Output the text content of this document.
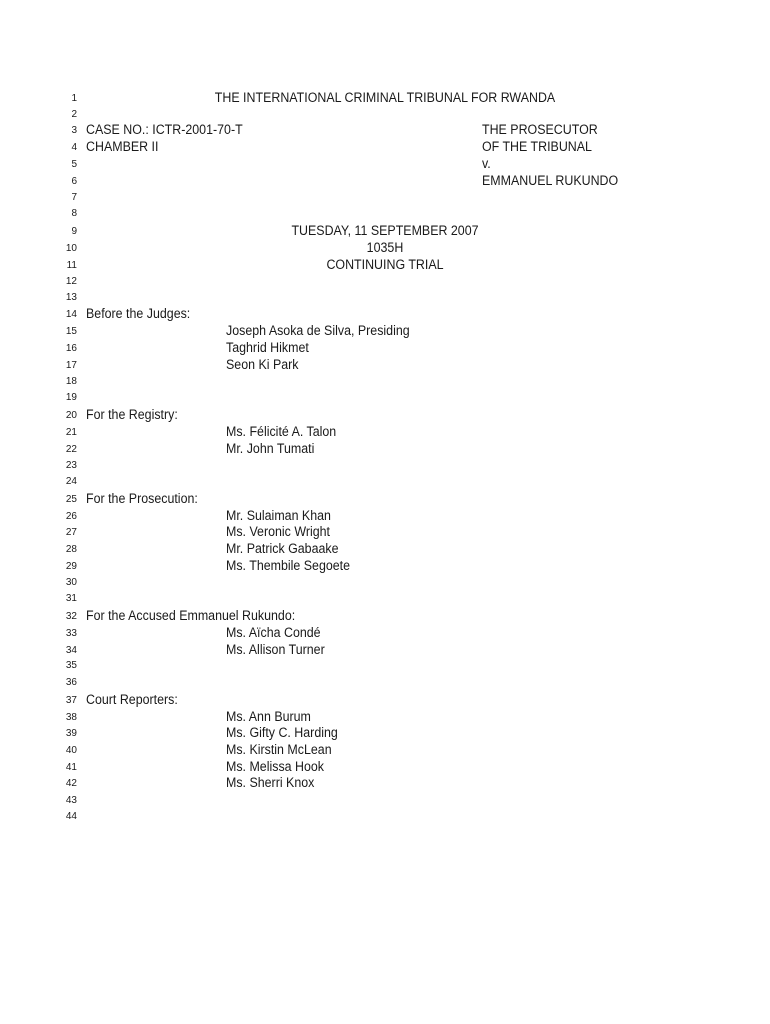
1	THE INTERNATIONAL CRIMINAL TRIBUNAL FOR RWANDA
2
3 CASE NO.: ICTR-2001-70-T	THE PROSECUTOR
4 CHAMBER II	OF THE TRIBUNAL
5	v.
6	EMMANUEL RUKUNDO
7
8
9	TUESDAY, 11 SEPTEMBER 2007
10	1035H
11	CONTINUING TRIAL
12
13
14 Before the Judges:
15	Joseph Asoka de Silva, Presiding
16	Taghrid Hikmet
17	Seon Ki Park
18
19
20 For the Registry:
21	Ms. Félicité A. Talon
22	Mr. John Tumati
23
24
25 For the Prosecution:
26	Mr. Sulaiman Khan
27	Ms. Veronic Wright
28	Mr. Patrick Gabaake
29	Ms. Thembile Segoete
30
31
32 For the Accused Emmanuel Rukundo:
33	Ms. Aïcha Condé
34	Ms. Allison Turner
35
36
37 Court Reporters:
38	Ms. Ann Burum
39	Ms. Gifty C. Harding
40	Ms. Kirstin McLean
41	Ms. Melissa Hook
42	Ms. Sherri Knox
43
44
